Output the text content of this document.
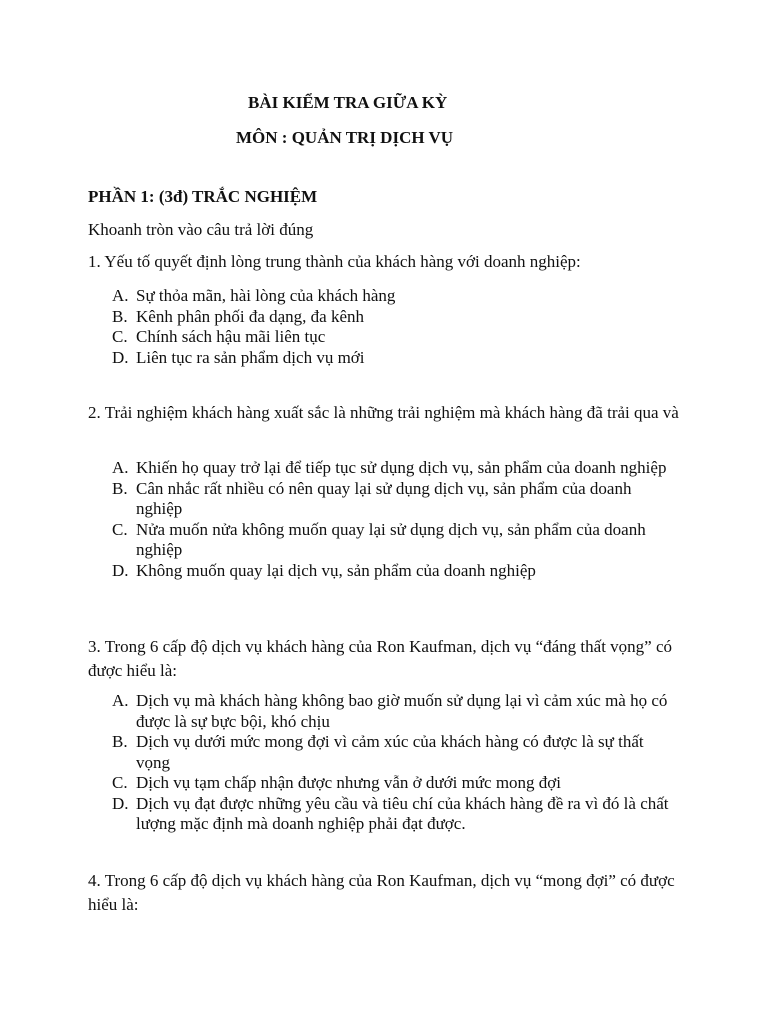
BÀI KIỂM TRA GIỮA KỲ
MÔN : QUẢN TRỊ DỊCH VỤ
PHẦN 1: (3đ) TRẮC NGHIỆM
Khoanh tròn vào câu trả lời đúng
1. Yếu tố quyết định lòng trung thành của khách hàng với doanh nghiệp:
A. Sự thỏa mãn, hài lòng của khách hàng
B. Kênh phân phối đa dạng, đa kênh
C. Chính sách hậu mãi liên tục
D. Liên tục ra sản phẩm dịch vụ mới
2. Trải nghiệm khách hàng xuất sắc là những trải nghiệm mà khách hàng đã trải qua và
A. Khiến họ quay trở lại để tiếp tục sử dụng dịch vụ, sản phẩm của doanh nghiệp
B. Cân nhắc rất nhiều có nên quay lại sử dụng dịch vụ, sản phẩm của doanh nghiệp
C. Nửa muốn nửa không muốn quay lại sử dụng dịch vụ, sản phẩm của doanh nghiệp
D. Không muốn quay lại dịch vụ, sản phẩm của doanh nghiệp
3. Trong 6 cấp độ dịch vụ khách hàng của Ron Kaufman, dịch vụ “đáng thất vọng” có được hiểu là:
A. Dịch vụ mà khách hàng không bao giờ muốn sử dụng lại vì cảm xúc mà họ có được là sự bực bội, khó chịu
B. Dịch vụ dưới mức mong đợi vì cảm xúc của khách hàng có được là sự thất vọng
C. Dịch vụ tạm chấp nhận được nhưng vẫn ở dưới mức mong đợi
D. Dịch vụ đạt được những yêu cầu và tiêu chí của khách hàng đề ra vì đó là chất lượng mặc định mà doanh nghiệp phải đạt được.
4. Trong 6 cấp độ dịch vụ khách hàng của Ron Kaufman, dịch vụ “mong đợi” có được hiểu là:
